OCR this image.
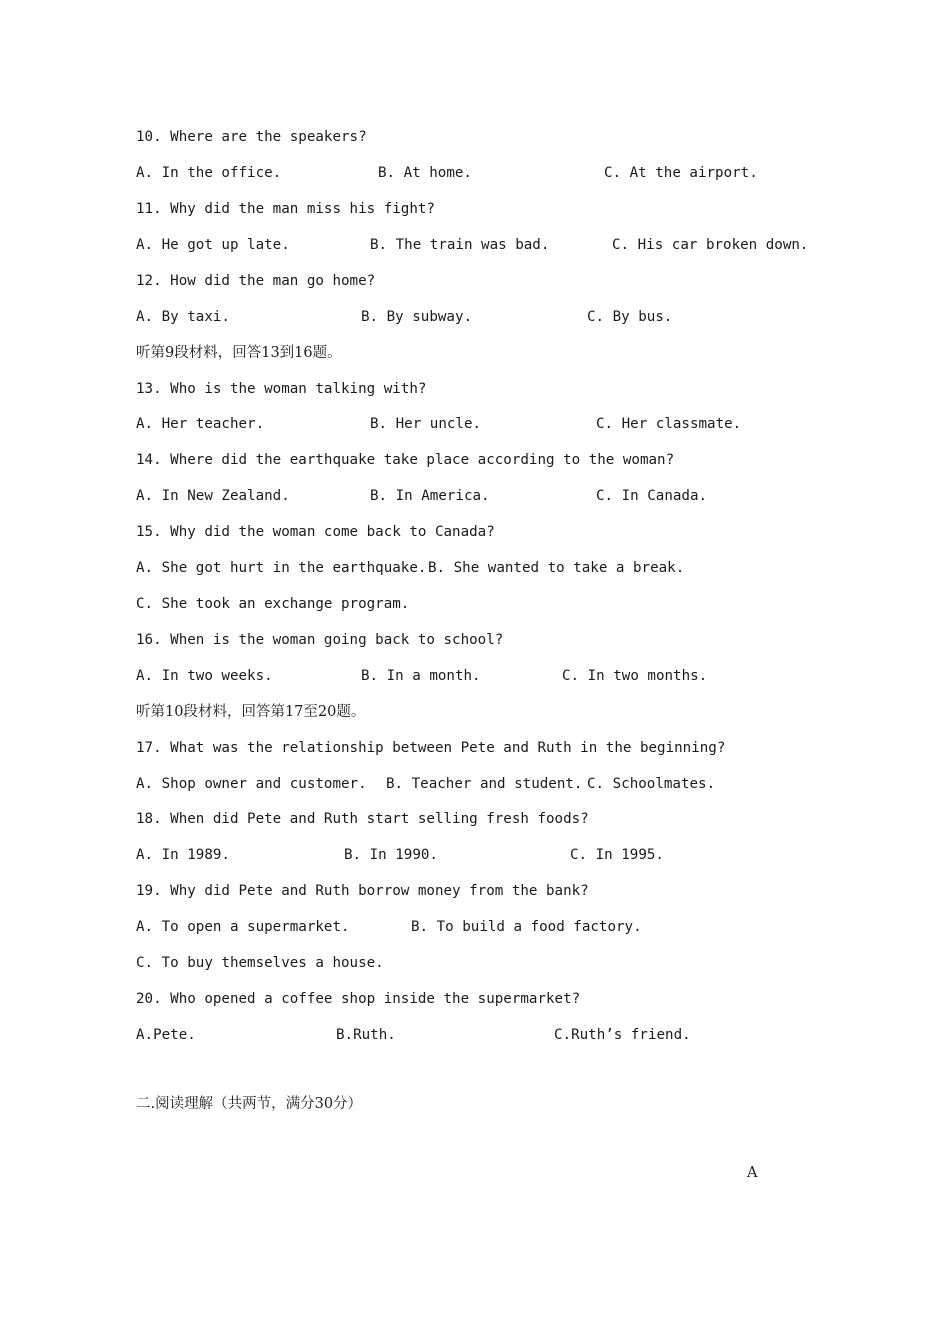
10. Where are the speakers?
A. In the office.	B. At home.	C. At the airport.
11. Why did the man miss his fight?
A. He got up late.	B. The train was bad.	C. His car broken down.
12. How did the man go home?
A. By taxi.	B. By subway.	C. By bus.
听第9段材料，回答13到16题。
13. Who is the woman talking with?
A. Her teacher.	B. Her uncle.	C. Her classmate.
14. Where did the earthquake take place according to the woman?
A. In New Zealand.	B. In America.	C. In Canada.
15. Why did the woman come back to Canada?
A. She got hurt in the earthquake. B. She wanted to take a break.
C. She took an exchange program.
16. When is the woman going back to school?
A. In two weeks.	B. In a month.	C. In two months.
听第10段材料，回答第17至20题。
17. What was the relationship between Pete and Ruth in the beginning?
A. Shop owner and customer. B. Teacher and student. C. Schoolmates.
18. When did Pete and Ruth start selling fresh foods?
A. In 1989.	B. In 1990.	C. In 1995.
19. Why did Pete and Ruth borrow money from the bank?
A. To open a supermarket.	B. To build a food factory.
C. To buy themselves a house.
20. Who opened a coffee shop inside the supermarket?
A.Pete.	B.Ruth.	C.Ruth’s friend.
二.阅读理解（共两节，满分30分）
A
